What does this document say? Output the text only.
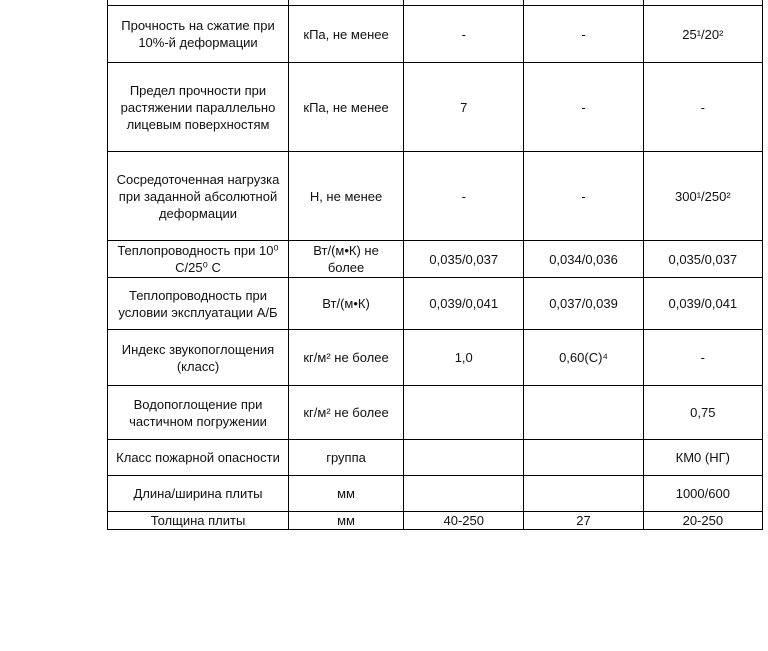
Прочность на сжатие при 10%-й деформации	кПа, не менее	-	-	25¹/20²
Предел прочности при растяжении параллельно лицевым поверхностям	кПа, не менее	7	-	-
Сосредоточенная нагрузка при заданной абсолютной деформации	Н, не менее	-	-	300¹/250²
Теплопроводность при 10⁰ С/25⁰ С	Вт/(м•К) не более	0,035/0,037	0,034/0,036	0,035/0,037
Теплопроводность при условии эксплуатации А/Б	Вт/(м•К)	0,039/0,041	0,037/0,039	0,039/0,041
Индекс звукопоглощения (класс)	кг/м² не более	1,0	0,60(С)⁴	-
Водопоглощение при частичном погружении	кг/м² не более			0,75
Класс пожарной опасности	группа			КМ0 (НГ)
Длина/ширина плиты	мм			1000/600
Толщина плиты	мм	40-250	27	20-250
